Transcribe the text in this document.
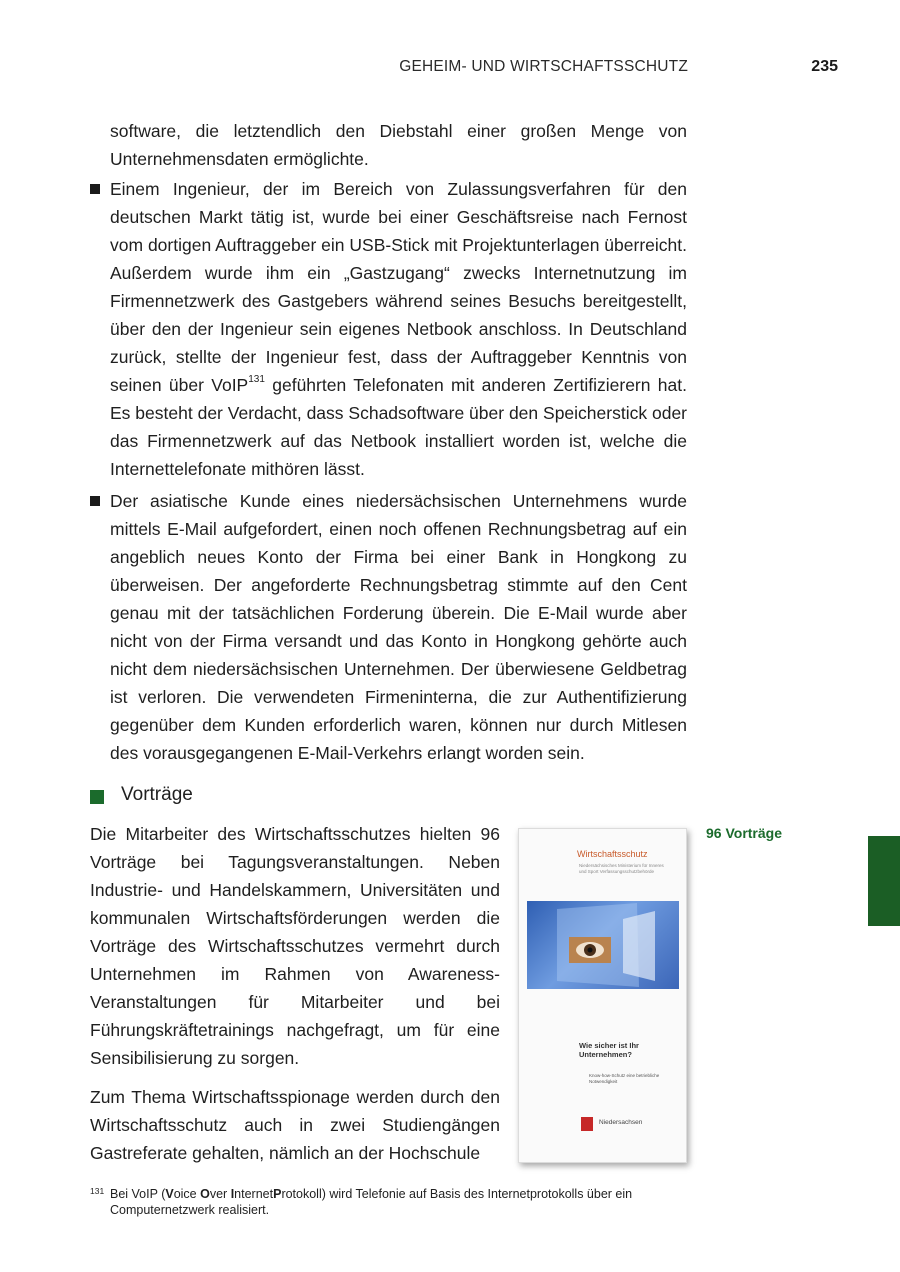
GEHEIM- UND WIRTSCHAFTSSCHUTZ	235

software, die letztendlich den Diebstahl einer großen Menge von Unternehmensdaten ermöglichte.

Einem Ingenieur, der im Bereich von Zulassungsverfahren für den deutschen Markt tätig ist, wurde bei einer Geschäftsreise nach Fernost vom dortigen Auftraggeber ein USB-Stick mit Projektunterlagen überreicht. Außerdem wurde ihm ein „Gastzugang“ zwecks Internetnutzung im Firmennetzwerk des Gastgebers während seines Besuchs bereitgestellt, über den der Ingenieur sein eigenes Netbook anschloss. In Deutschland zurück, stellte der Ingenieur fest, dass der Auftraggeber Kenntnis von seinen über VoIP$^{131}$ geführten Telefonaten mit anderen Zertifizierern hat. Es besteht der Verdacht, dass Schadsoftware über den Speicherstick oder das Firmennetzwerk auf das Netbook installiert worden ist, welche die Internettelefonate mithören lässt.

Der asiatische Kunde eines niedersächsischen Unternehmens wurde mittels E-Mail aufgefordert, einen noch offenen Rechnungsbetrag auf ein angeblich neues Konto der Firma bei einer Bank in Hongkong zu überweisen. Der angeforderte Rechnungsbetrag stimmte auf den Cent genau mit der tatsächlichen Forderung überein. Die E-Mail wurde aber nicht von der Firma versandt und das Konto in Hongkong gehörte auch nicht dem niedersächsischen Unternehmen. Der überwiesene Geldbetrag ist verloren. Die verwendeten Firmeninterna, die zur Authentifizierung gegenüber dem Kunden erforderlich waren, können nur durch Mitlesen des vorausgegangenen E-Mail-Verkehrs erlangt worden sein.

Vorträge

Die Mitarbeiter des Wirtschaftsschutzes hielten 96 Vorträge bei Tagungsveranstaltungen. Neben Industrie- und Handelskammern, Universitäten und kommunalen Wirtschaftsförderungen werden die Vorträge des Wirtschaftsschutzes vermehrt durch Unternehmen im Rahmen von Awareness-Veranstaltungen für Mitarbeiter und bei Führungskräftetrainings nachgefragt, um für eine Sensibilisierung zu sorgen.

Zum Thema Wirtschaftsspionage werden durch den Wirtschaftsschutz auch in zwei Studiengängen Gastreferate gehalten, nämlich an der Hochschule

Wirtschaftsschutz
Niedersächsisches Ministerium für Inneres und Sport Verfassungsschutzbehörde
Wie sicher ist Ihr Unternehmen?
Know-how-Schutz eine betriebliche Notwendigkeit
Niedersachsen
96 Vorträge
131 Bei VoIP (Voice Over InternetProtokoll) wird Telefonie auf Basis des Internetprotokolls über ein Computernetzwerk realisiert.
